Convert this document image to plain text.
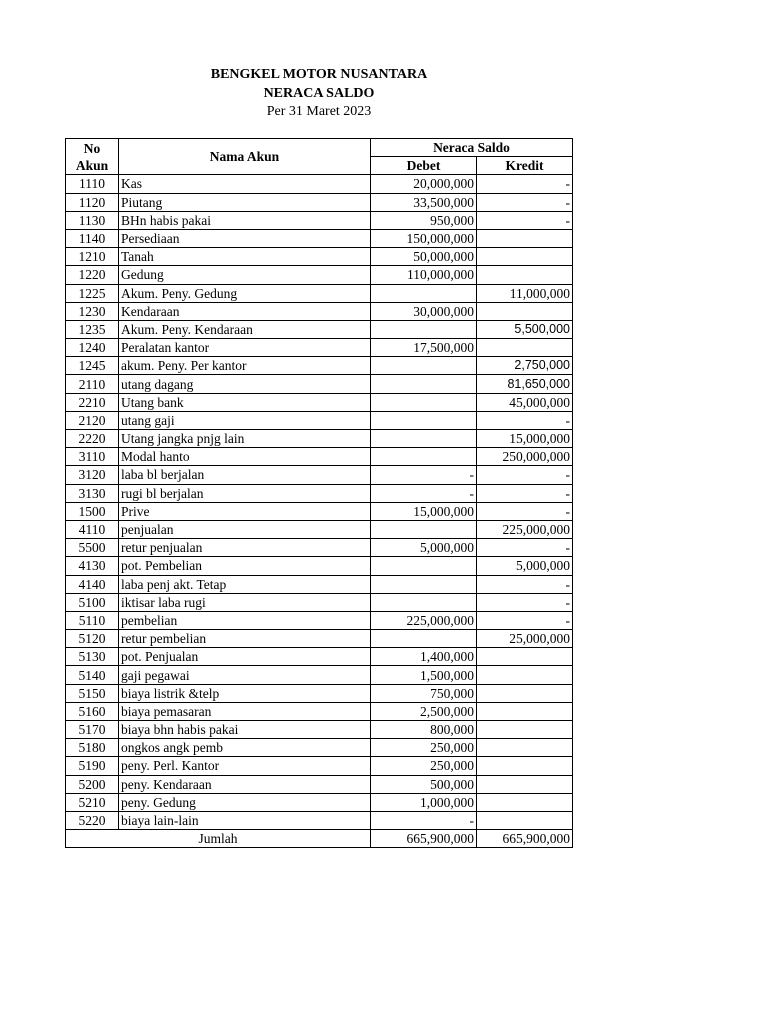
BENGKEL MOTOR NUSANTARA
NERACA SALDO
Per 31 Maret 2023
No
Akun	Nama Akun	Neraca Saldo	
		Debet	Kredit
1110	Kas	20,000,000	-
1120	Piutang	33,500,000	-
1130	BHn habis pakai	950,000	-
1140	Persediaan	150,000,000	
1210	Tanah	50,000,000	
1220	Gedung	110,000,000	
1225	Akum. Peny. Gedung		11,000,000
1230	Kendaraan	30,000,000	
1235	Akum. Peny. Kendaraan		5,500,000
1240	Peralatan kantor	17,500,000	
1245	akum. Peny. Per kantor		2,750,000
2110	utang dagang		81,650,000
2210	Utang bank		45,000,000
2120	utang gaji		-
2220	Utang jangka pnjg lain		15,000,000
3110	Modal hanto		250,000,000
3120	laba bl berjalan	-	-
3130	rugi bl berjalan	-	-
1500	Prive	15,000,000	-
4110	penjualan		225,000,000
5500	retur penjualan	5,000,000	-
4130	pot. Pembelian		5,000,000
4140	laba penj akt. Tetap		-
5100	iktisar laba rugi		-
5110	pembelian	225,000,000	-
5120	retur pembelian		25,000,000
5130	pot. Penjualan	1,400,000	
5140	gaji pegawai	1,500,000	
5150	biaya listrik &telp	750,000	
5160	biaya pemasaran	2,500,000	
5170	biaya bhn habis pakai	800,000	
5180	ongkos angk pemb	250,000	
5190	peny. Perl. Kantor	250,000	
5200	peny. Kendaraan	500,000	
5210	peny. Gedung	1,000,000	
5220	biaya lain-lain	-	
Jumlah		665,900,000	665,900,000
